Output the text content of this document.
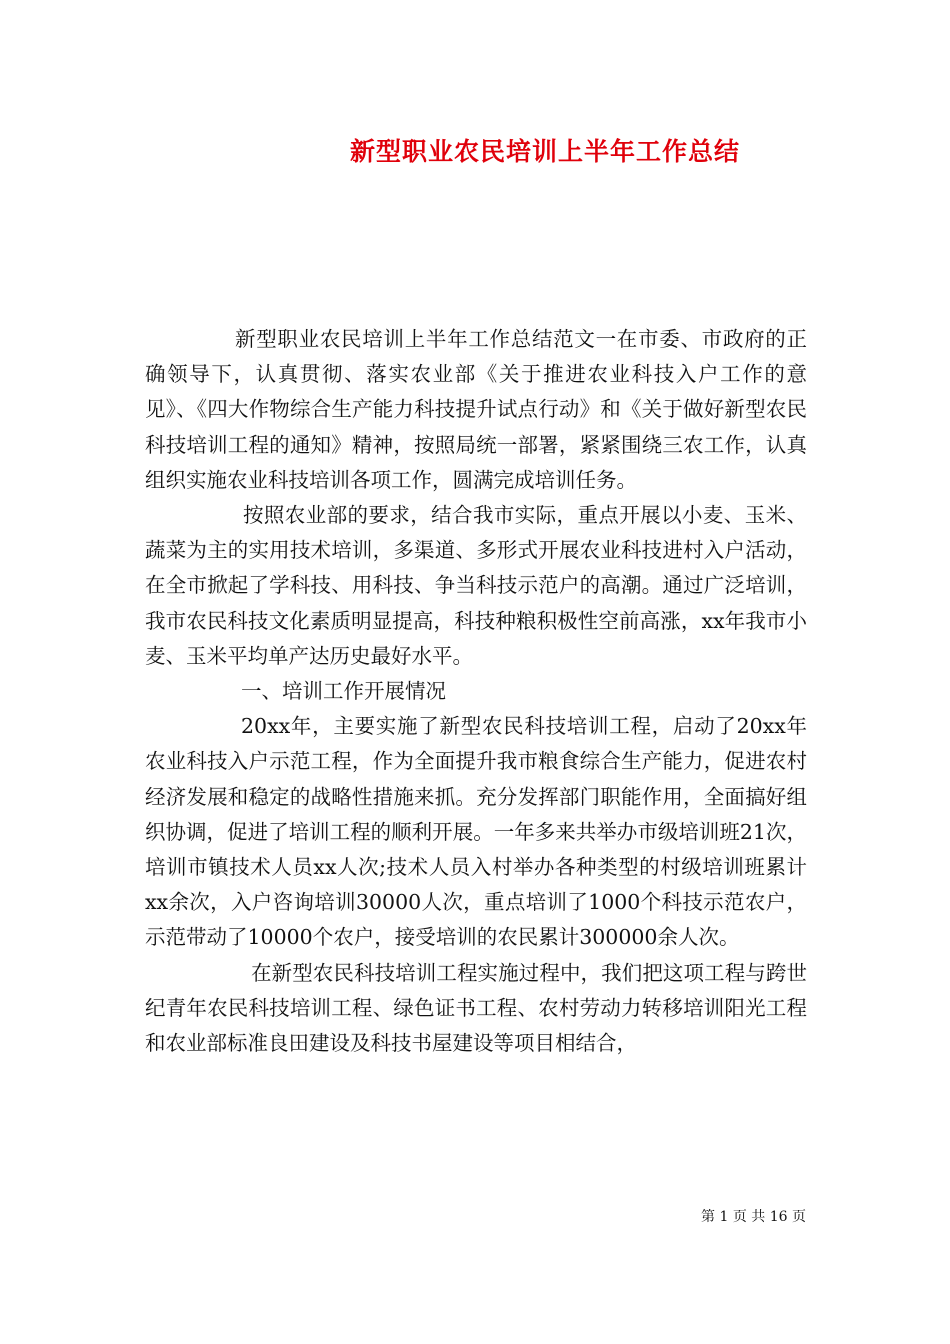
新型职业农民培训上半年工作总结

新型职业农民培训上半年工作总结范文一在市委、市政府的正确领导下，认真贯彻、落实农业部《关于推进农业科技入户工作的意见》、《四大作物综合生产能力科技提升试点行动》和《关于做好新型农民科技培训工程的通知》精神，按照局统一部署，紧紧围绕三农工作，认真组织实施农业科技培训各项工作，圆满完成培训任务。

按照农业部的要求，结合我市实际，重点开展以小麦、玉米、蔬菜为主的实用技术培训，多渠道、多形式开展农业科技进村入户活动，在全市掀起了学科技、用科技、争当科技示范户的高潮。通过广泛培训，我市农民科技文化素质明显提高，科技种粮积极性空前高涨，xx年我市小麦、玉米平均单产达历史最好水平。

一、培训工作开展情况

20xx年，主要实施了新型农民科技培训工程，启动了20xx年农业科技入户示范工程，作为全面提升我市粮食综合生产能力，促进农村经济发展和稳定的战略性措施来抓。充分发挥部门职能作用，全面搞好组织协调，促进了培训工程的顺利开展。一年多来共举办市级培训班21次，培训市镇技术人员xx人次;技术人员入村举办各种类型的村级培训班累计xx余次，入户咨询培训30000人次，重点培训了1000个科技示范农户，示范带动了10000个农户，接受培训的农民累计300000余人次。

在新型农民科技培训工程实施过程中，我们把这项工程与跨世纪青年农民科技培训工程、绿色证书工程、农村劳动力转移培训阳光工程和农业部标准良田建设及科技书屋建设等项目相结合，

第 1 页 共 16 页
